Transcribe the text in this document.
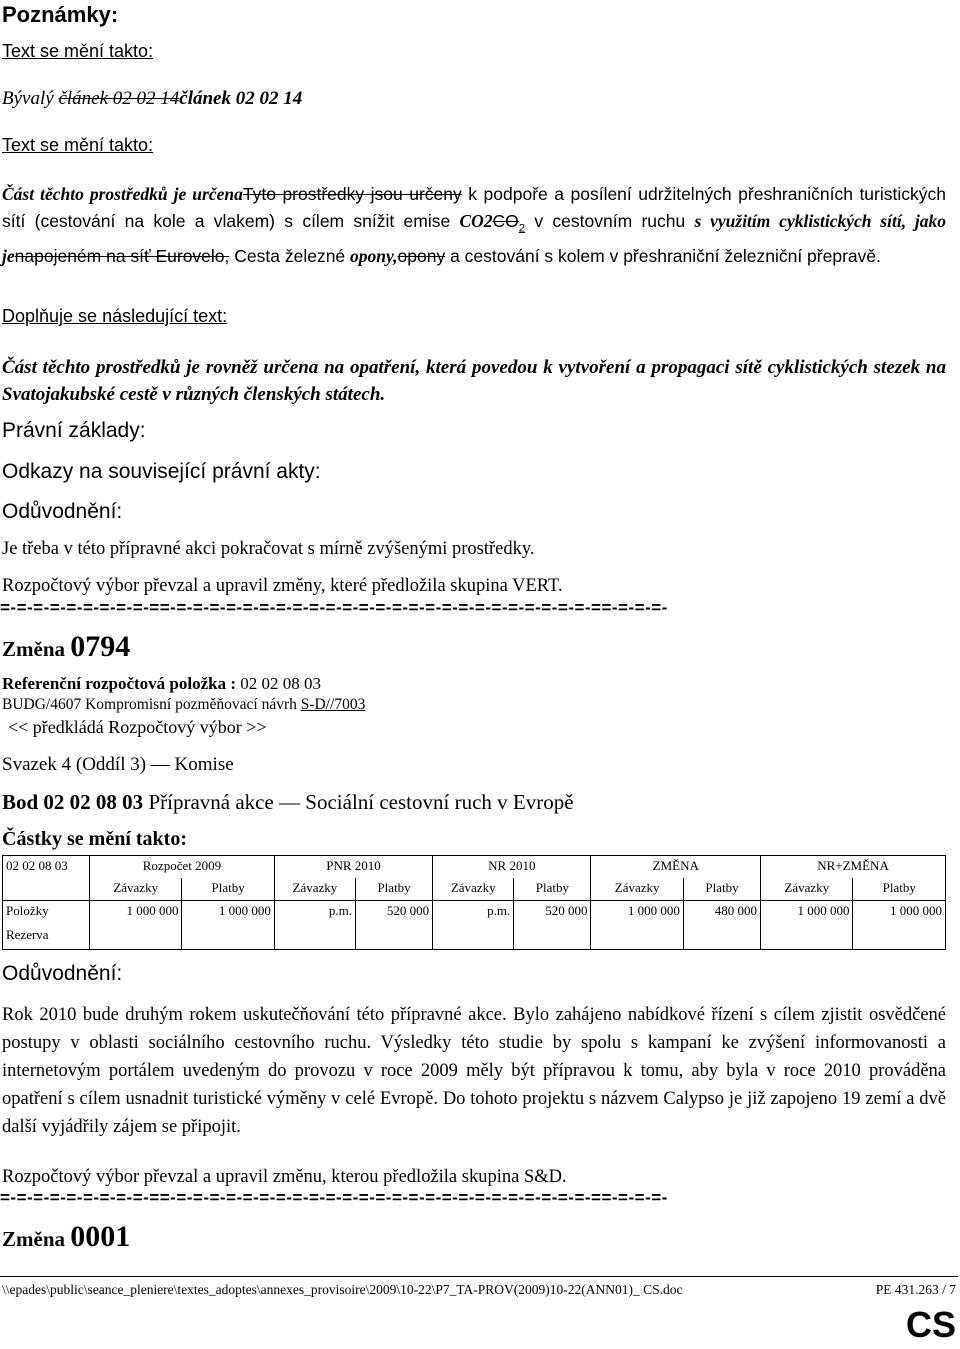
Poznámky:
Text se mění takto:
Bývalý článek 02 02 14článek 02 02 14
Text se mění takto:
Část těchto prostředků je určenaTyto prostředky jsou určeny k podpoře a posílení udržitelných přeshraničních turistických sítí (cestování na kole a vlakem) s cílem snížit emise $CO2CO_2$ v cestovním ruchu s využitím cyklistických sítí, jako jenapojeném na síť Eurovelo, Cesta železné opony,opony a cestování s kolem v přeshraniční železniční přepravě.
Doplňuje se následující text:
Část těchto prostředků je rovněž určena na opatření, která povedou k vytvoření a propagaci sítě cyklistických stezek na Svatojakubské cestě v různých členských státech.
Právní základy:
Odkazy na související právní akty:
Odůvodnění:
Je třeba v této přípravné akci pokračovat s mírně zvýšenými prostředky.
Rozpočtový výbor převzal a upravil změny, které předložila skupina VERT.
=-=-=-=-=-=-=-=-=-==-=-=-=-=-=-=-=-=-=-=-=-=-=-=-=-=-=-=-=-=-=-=-=-=-=-==-=-=-=-
Změna 0794
Referenční rozpočtová položka : 02 02 08 03
BUDG/4607 Kompromisní pozměňovací návrh S-D//7003
<< předkládá Rozpočtový výbor >>
Svazek 4 (Oddíl 3) — Komise
Bod 02 02 08 03 Přípravná akce — Sociální cestovní ruch v Evropě
Částky se mění takto:
02 02 08 03	Rozpočet 2009		PNR 2010		NR 2010		ZMĚNA		NR+ZMĚNA	
	Závazky	Platby	Závazky	Platby	Závazky	Platby	Závazky	Platby	Závazky	Platby
Položky	1 000 000	1 000 000	p.m.	520 000	p.m.	520 000	1 000 000	480 000	1 000 000	1 000 000
Rezerva										
Odůvodnění:
Rok 2010 bude druhým rokem uskutečňování této přípravné akce. Bylo zahájeno nabídkové řízení s cílem zjistit osvědčené postupy v oblasti sociálního cestovního ruchu. Výsledky této studie by spolu s kampaní ke zvýšení informovanosti a internetovým portálem uvedeným do provozu v roce 2009 měly být přípravou k tomu, aby byla v roce 2010 prováděna opatření s cílem usnadnit turistické výměny v celé Evropě. Do tohoto projektu s názvem Calypso je již zapojeno 19 zemí a dvě další vyjádřily zájem se připojit.
Rozpočtový výbor převzal a upravil změnu, kterou předložila skupina S&D.
=-=-=-=-=-=-=-=-=-==-=-=-=-=-=-=-=-=-=-=-=-=-=-=-=-=-=-=-=-=-=-=-=-=-=-==-=-=-=-
Změna 0001
\\epades\public\seance_pleniere\textes_adoptes\annexes_provisoire\2009\10-22\P7_TA-PROV(2009)10-22(ANN01)_ CS.doc	PE 431.263 / 7
CS
